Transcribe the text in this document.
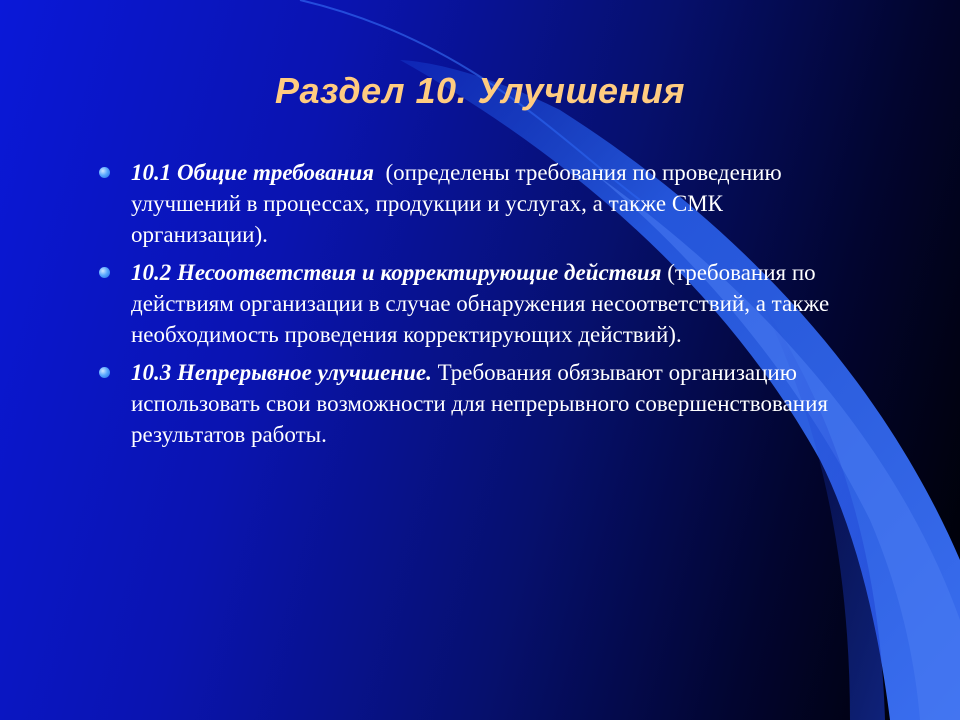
Раздел 10. Улучшения
10.1 Общие требования  (определены требования по проведению улучшений в процессах, продукции и услугах, а также СМК организации).
10.2 Несоответствия и корректирующие действия (требования по действиям организации в случае обнаружения несоответствий, а также необходимость проведения корректирующих действий).
10.3 Непрерывное улучшение. Требования обязывают организацию использовать свои возможности для непрерывного совершенствования результатов работы.
